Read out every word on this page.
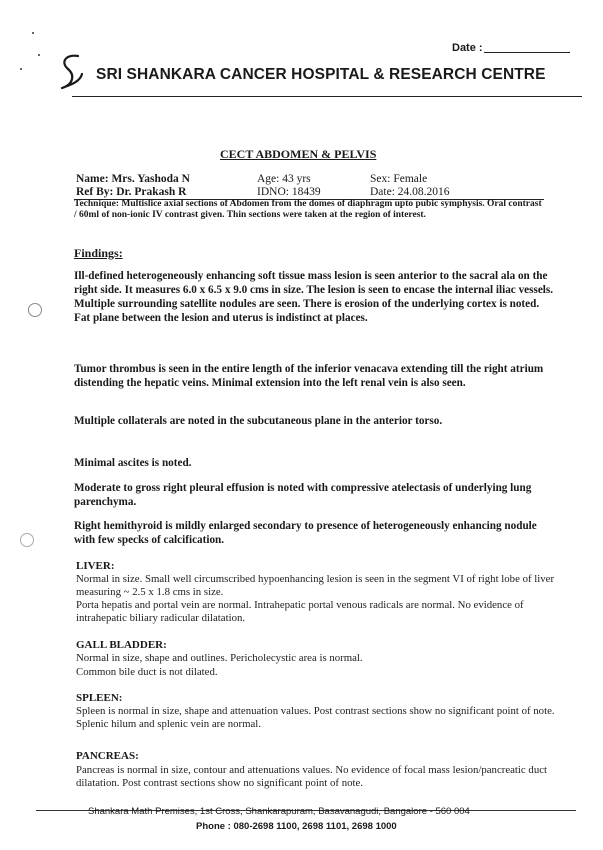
Date :
SRI SHANKARA CANCER HOSPITAL & RESEARCH CENTRE
CECT ABDOMEN & PELVIS
Name: Mrs. Yashoda N
Ref By: Dr. Prakash R
Age: 43 yrs
IDNO: 18439
Sex: Female
Date: 24.08.2016
Technique: Multislice axial sections of Abdomen from the domes of diaphragm upto pubic symphysis. Oral contrast / 60ml of non-ionic IV contrast given. Thin sections were taken at the region of interest.
Findings:
Ill-defined heterogeneously enhancing soft tissue mass lesion is seen anterior to the sacral ala on the right side. It measures 6.0 x 6.5 x 9.0 cms in size. The lesion is seen to encase the internal iliac vessels. Multiple surrounding satellite nodules are seen. There is erosion of the underlying cortex is noted. Fat plane between the lesion and uterus is indistinct at places.
Tumor thrombus is seen in the entire length of the inferior venacava extending till the right atrium distending the hepatic veins. Minimal extension into the left renal vein is also seen.
Multiple collaterals are noted in the subcutaneous plane in the anterior torso.
Minimal ascites is noted.
Moderate to gross right pleural effusion is noted with compressive atelectasis of underlying lung parenchyma.
Right hemithyroid is mildly enlarged secondary to presence of heterogeneously enhancing nodule with few specks of calcification.
LIVER:
Normal in size. Small well circumscribed hypoenhancing lesion is seen in the segment VI of right lobe of liver measuring ~ 2.5 x 1.8 cms in size.
Porta hepatis and portal vein are normal. Intrahepatic portal venous radicals are normal. No evidence of intrahepatic biliary radicular dilatation.
GALL BLADDER:
Normal in size, shape and outlines. Pericholecystic area is normal.
Common bile duct is not dilated.
SPLEEN:
Spleen is normal in size, shape and attenuation values. Post contrast sections show no significant point of note. Splenic hilum and splenic vein are normal.
PANCREAS:
Pancreas is normal in size, contour and attenuations values. No evidence of focal mass lesion/pancreatic duct dilatation. Post contrast sections show no significant point of note.
Shankara Math Premises, 1st Cross, Shankarapuram, Basavanagudi, Bangalore - 560 004
Phone : 080-2698 1100, 2698 1101, 2698 1000
